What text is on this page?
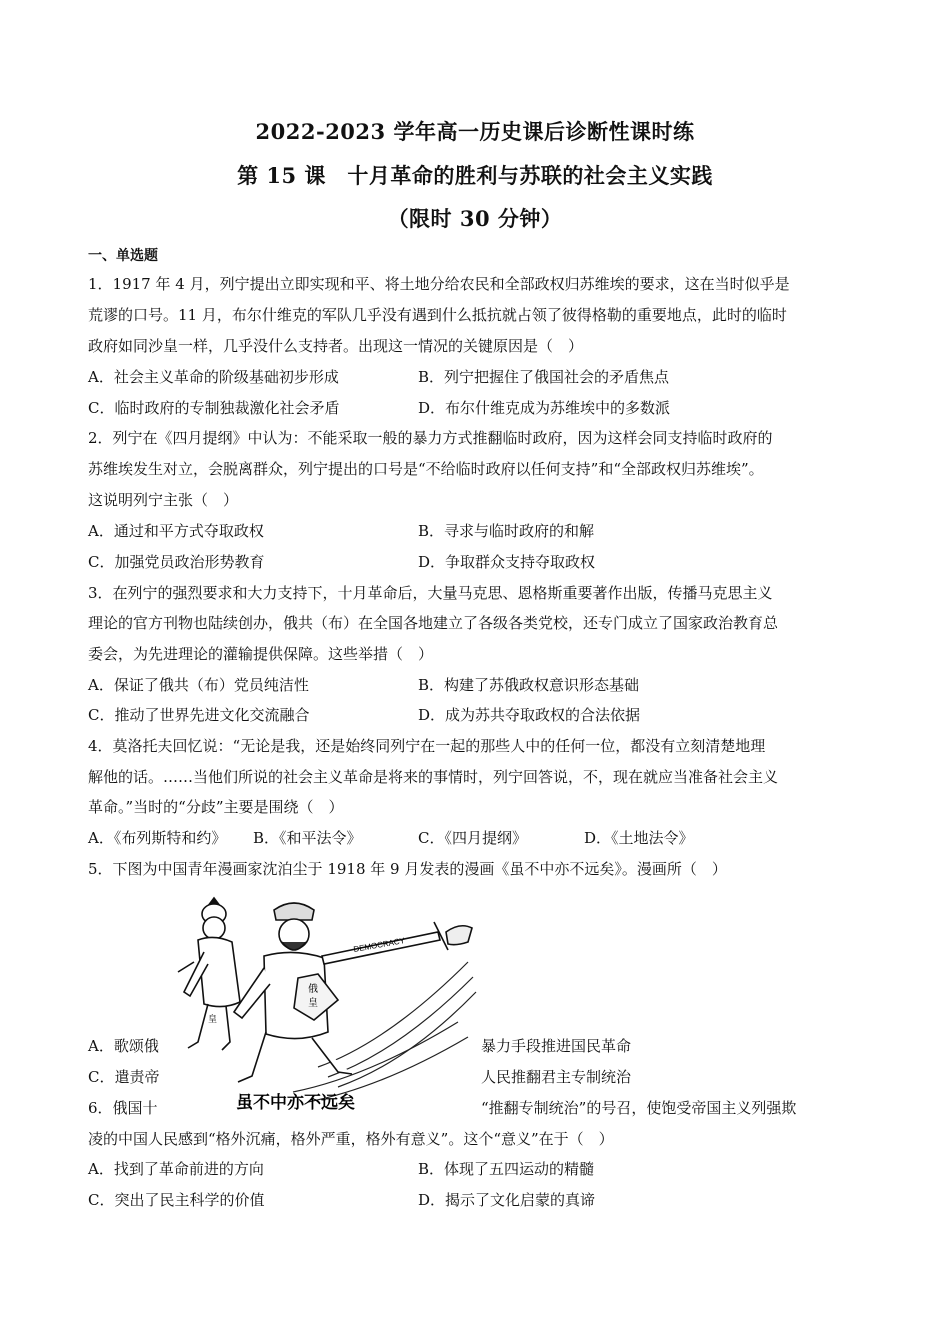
2022-2023 学年高一历史课后诊断性课时练
第 15 课　十月革命的胜利与苏联的社会主义实践
（限时 30 分钟）
一、单选题
1．1917 年 4 月，列宁提出立即实现和平、将土地分给农民和全部政权归苏维埃的要求，这在当时似乎是
荒谬的口号。11 月，布尔什维克的军队几乎没有遇到什么抵抗就占领了彼得格勒的重要地点，此时的临时
政府如同沙皇一样，几乎没什么支持者。出现这一情况的关键原因是（　）
A．社会主义革命的阶级基础初步形成	B．列宁把握住了俄国社会的矛盾焦点
C．临时政府的专制独裁激化社会矛盾	D．布尔什维克成为苏维埃中的多数派
2．列宁在《四月提纲》中认为：不能采取一般的暴力方式推翻临时政府，因为这样会同支持临时政府的
苏维埃发生对立，会脱离群众，列宁提出的口号是“不给临时政府以任何支持”和“全部政权归苏维埃”。
这说明列宁主张（　）
A．通过和平方式夺取政权	B．寻求与临时政府的和解
C．加强党员政治形势教育	D．争取群众支持夺取政权
3．在列宁的强烈要求和大力支持下，十月革命后，大量马克思、恩格斯重要著作出版，传播马克思主义
理论的官方刊物也陆续创办，俄共（布）在全国各地建立了各级各类党校，还专门成立了国家政治教育总
委会，为先进理论的灌输提供保障。这些举措（　）
A．保证了俄共（布）党员纯洁性	B．构建了苏俄政权意识形态基础
C．推动了世界先进文化交流融合	D．成为苏共夺取政权的合法依据
4．莫洛托夫回忆说：“无论是我，还是始终同列宁在一起的那些人中的任何一位，都没有立刻清楚地理
解他的话。……当他们所说的社会主义革命是将来的事情时，列宁回答说，不，现在就应当准备社会主义
革命。”当时的“分歧”主要是围绕（　）
A．《布列斯特和约》 B．《和平法令》	C．《四月提纲》	D．《土地法令》
5．下图为中国青年漫画家沈泊尘于 1918 年 9 月发表的漫画《虽不中亦不远矣》。漫画所（　）
A．歌颂俄	暴力手段推进国民革命
C．遣责帝	人民推翻君主专制统治
6．俄国十	“推翻专制统治”的号召，使饱受帝国主义列强欺
凌的中国人民感到“格外沉痛，格外严重，格外有意义”。这个“意义”在于（　）
A．找到了革命前进的方向	B．体现了五四运动的精髓
C．突出了民主科学的价值	D．揭示了文化启蒙的真谛
DEMOCRACY
俄
皇
皇
虽不中亦不远矣
